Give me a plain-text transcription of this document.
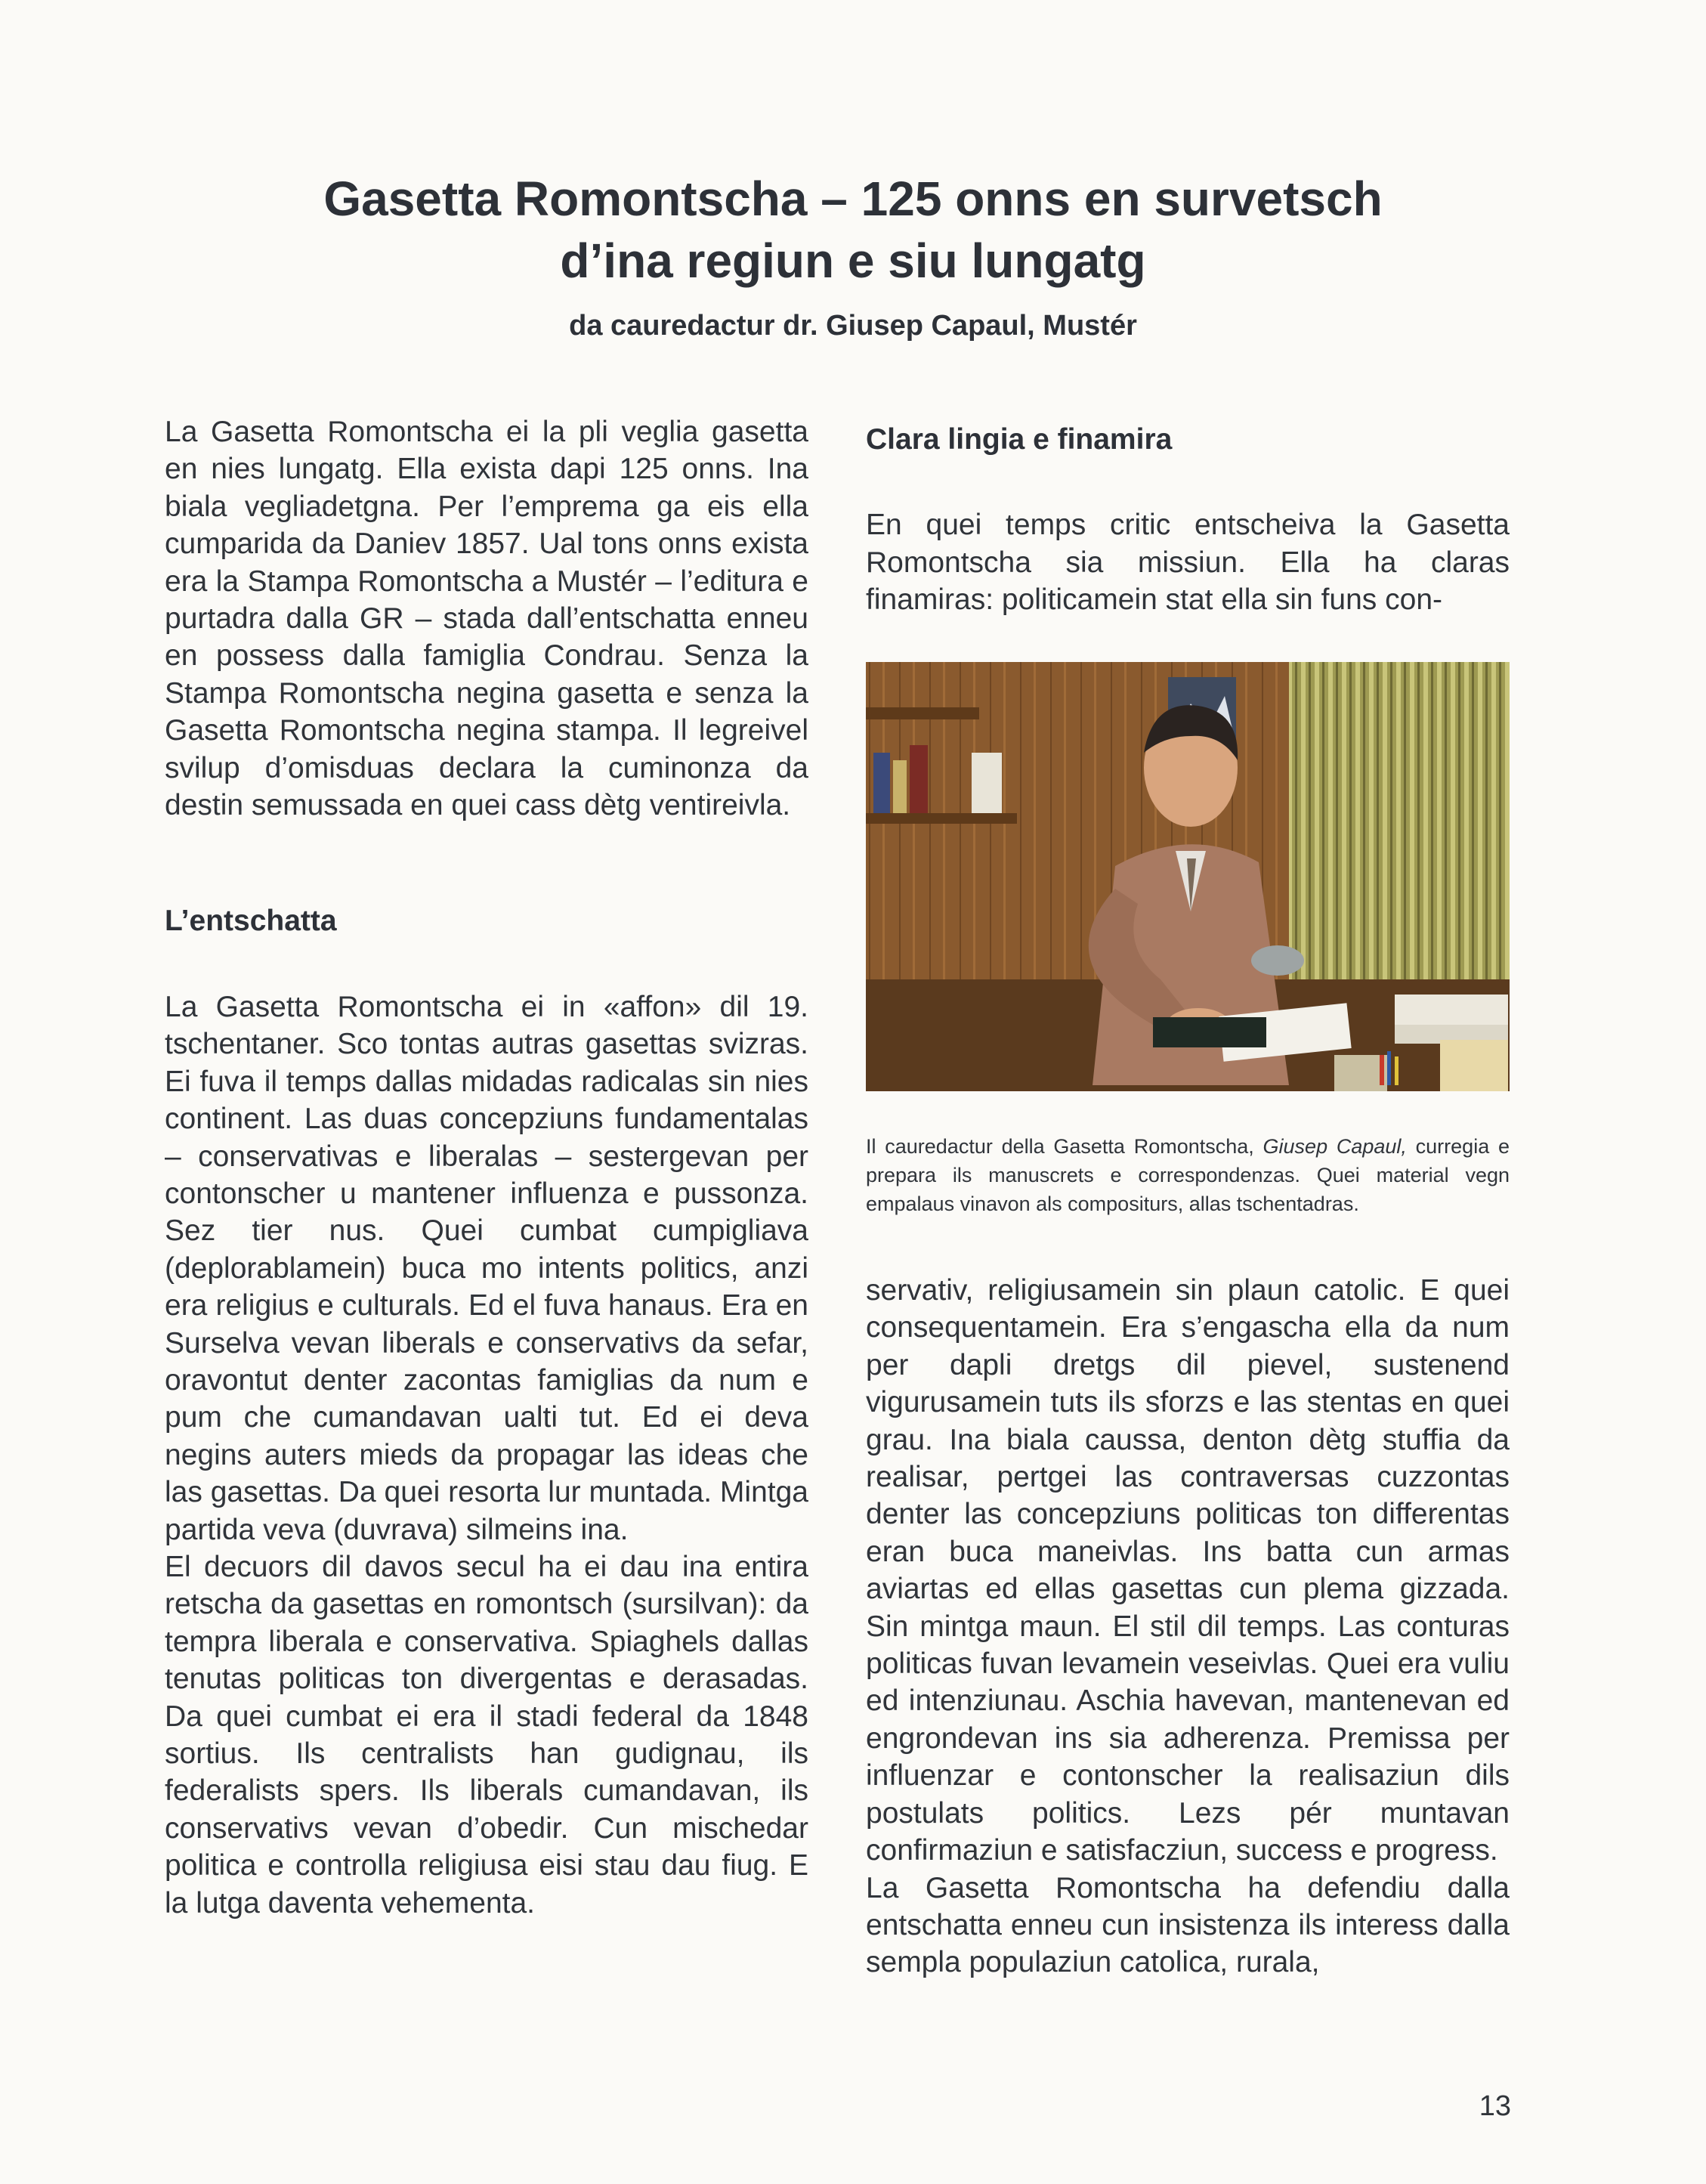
Gasetta Romontscha – 125 onns en survetsch
d’ina regiun e siu lungatg
da cauredactur dr. Giusep Capaul, Mustér

La Gasetta Romontscha ei la pli veglia gasetta en nies lungatg. Ella exista dapi 125 onns. Ina biala vegliadetgna. Per l’emprema ga eis ella cumparida da Daniev 1857. Ual tons onns exista era la Stampa Romontscha a Mustér – l’editura e purtadra dalla GR – stada dall’entschatta enneu en possess dalla famiglia Condrau. Senza la Stampa Romontscha negina gasetta e senza la Gasetta Romontscha negina stampa. Il legreivel svilup d’omisduas declara la cuminonza da destin semussada en quei cass dètg ventireivla.

L’entschatta

La Gasetta Romontscha ei in «affon» dil 19. tschentaner. Sco tontas autras gasettas svizras. Ei fuva il temps dallas midadas radicalas sin nies continent. Las duas concepziuns fundamentalas – conservativas e liberalas – sestergevan per contonscher u mantener influenza e pussonza. Sez tier nus. Quei cumbat cumpigliava (deplorablamein) buca mo intents politics, anzi era religius e culturals. Ed el fuva hanaus. Era en Surselva vevan liberals e conservativs da sefar, oravontut denter zacontas famiglias da num e pum che cumandavan ualti tut. Ed ei deva negins auters mieds da propagar las ideas che las gasettas. Da quei resorta lur muntada. Mintga partida veva (duvrava) silmeins ina.

El decuors dil davos secul ha ei dau ina entira retscha da gasettas en romontsch (sursilvan): da tempra liberala e conservativa. Spiaghels dallas tenutas politicas ton divergentas e derasadas. Da quei cumbat ei era il stadi federal da 1848 sortius. Ils centralists han gudignau, ils federalists spers. Ils liberals cumandavan, ils conservativs vevan d’obedir. Cun mischedar politica e controlla religiusa eisi stau dau fiug. E la lutga daventa vehementa.

Clara lingia e finamira

En quei temps critic entscheiva la Gasetta Romontscha sia missiun. Ella ha claras finamiras: politicamein stat ella sin funs con-

Il cauredactur della Gasetta Romontscha, Giusep Capaul, curregia e prepara ils manuscrets e correspondenzas. Quei material vegn empalaus vinavon als compositurs, allas tschentadras.

servativ, religiusamein sin plaun catolic. E quei consequentamein. Era s’engascha ella da num per dapli dretgs dil pievel, sustenend vigurusamein tuts ils sforzs e las stentas en quei grau. Ina biala caussa, denton dètg stuffia da realisar, pertgei las contraversas cuzzontas denter las concepziuns politicas ton differentas eran buca maneivlas. Ins batta cun armas aviartas ed ellas gasettas cun plema gizzada. Sin mintga maun. El stil dil temps. Las conturas politicas fuvan levamein veseivlas. Quei era vuliu ed intenziunau. Aschia havevan, mantenevan ed engrondevan ins sia adherenza. Premissa per influenzar e contonscher la realisaziun dils postulats politics. Lezs pér muntavan confirmaziun e satisfacziun, success e progress.

La Gasetta Romontscha ha defendiu dalla entschatta enneu cun insistenza ils interess dalla sempla populaziun catolica, rurala,

13
